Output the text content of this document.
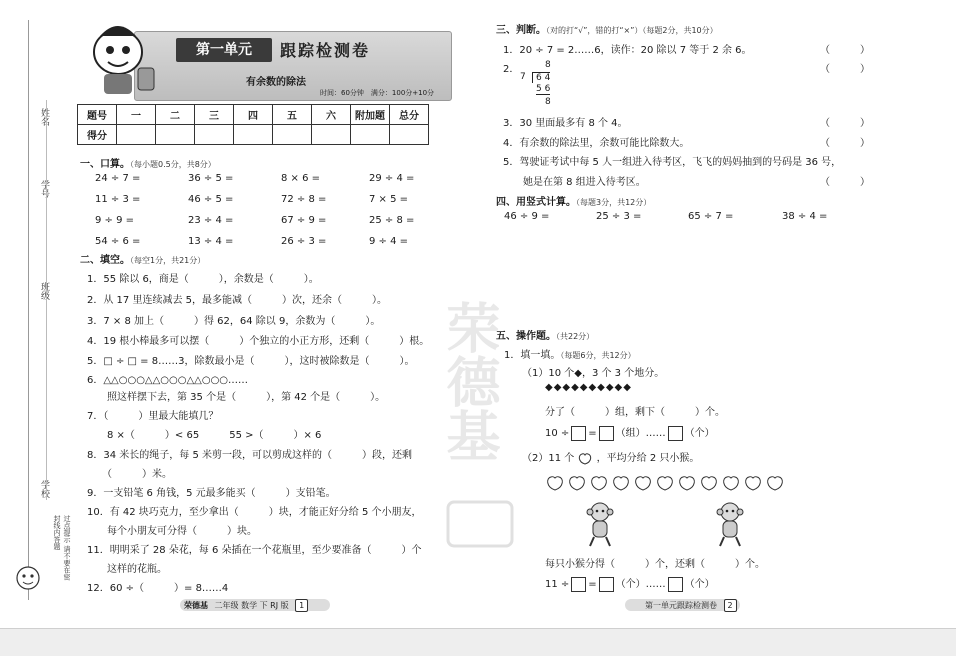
姓名
学号
班级
学校
过点提示 请不要在密封线内答题
第一单元	跟踪检测卷
有余数的除法
时间：60分钟　满分：100分+10分
题号	一	二	三	四	五	六	附加题	总分
得分								
一、口算。（每小题0.5分，共8分）
24 ÷ 7 =	36 ÷ 5 =	8 × 6 =	29 ÷ 4 =
11 ÷ 3 =	46 ÷ 5 =	72 ÷ 8 =	7 × 5 =
9 ÷ 9 =	23 ÷ 4 =	67 ÷ 9 =	25 ÷ 8 =
54 ÷ 6 =	13 ÷ 4 =	26 ÷ 3 =	9 ÷ 4 =
二、填空。（每空1分，共21分）
1．55 除以 6，商是（　　　），余数是（　　　）。
2．从 17 里连续减去 5，最多能减（　　　）次，还余（　　　）。
3．7 × 8 加上（　　　）得 62，64 除以 9，余数为（　　　）。
4．19 根小棒最多可以摆（　　　）个独立的小正方形，还剩（　　　）根。
5．□ ÷ □ = 8……3，除数最小是（　　　），这时被除数是（　　　）。
6．△△○○○△△○○○△△○○○……
　　照这样摆下去，第 35 个是（　　　），第 42 个是（　　　）。
7．（　　　）里最大能填几？
　　8 ×（　　　）< 65　　　55 >（　　　）× 6
8．34 米长的绳子，每 5 米剪一段，可以剪成这样的（　　　）段，还剩
　　（　　　）米。
9．一支铅笔 6 角钱，5 元最多能买（　　　）支铅笔。
10．有 42 块巧克力，至少拿出（　　　）块，才能正好分给 5 个小朋友，
　　每个小朋友可分得（　　　）块。
11．明明采了 28 朵花，每 6 朵插在一个花瓶里，至少要准备（　　　）个
　　这样的花瓶。
12．60 ÷（　　　）= 8……4
三、判断。（对的打“√”，错的打“×”）（每题2分，共10分）
1．20 ÷ 7 = 2……6，读作：20 除以 7 等于 2 余 6。
2．
3．30 里面最多有 8 个 4。
4．有余数的除法里，余数可能比除数大。
5．驾驶证考试中每 5 人一组进入待考区，飞飞的妈妈抽到的号码是 36 号，
　　她是在第 8 组进入待考区。
（　　　）
（　　　）
（　　　）
（　　　）
（　　　）
8
7	6 4
5 6
8
四、用竖式计算。（每题3分，共12分）
46 ÷ 9 =	25 ÷ 3 =	65 ÷ 7 =	38 ÷ 4 =
荣德基
五、操作题。（共22分）
1．填一填。（每题6分，共12分）
（1）10 个◆，3 个 3 个地分。
◆◆◆◆◆◆◆◆◆◆
分了（　　　）组，剩下（　　　）个。
10 ÷ = （组）…… （个）
（2）11 个 ，平均分给 2 只小猴。
每只小猴分得（　　　）个，还剩（　　　）个。
11 ÷ = （个）…… （个）
荣德基 二年级 数学 下 RJ 版 1	第一单元跟踪检测卷 2
